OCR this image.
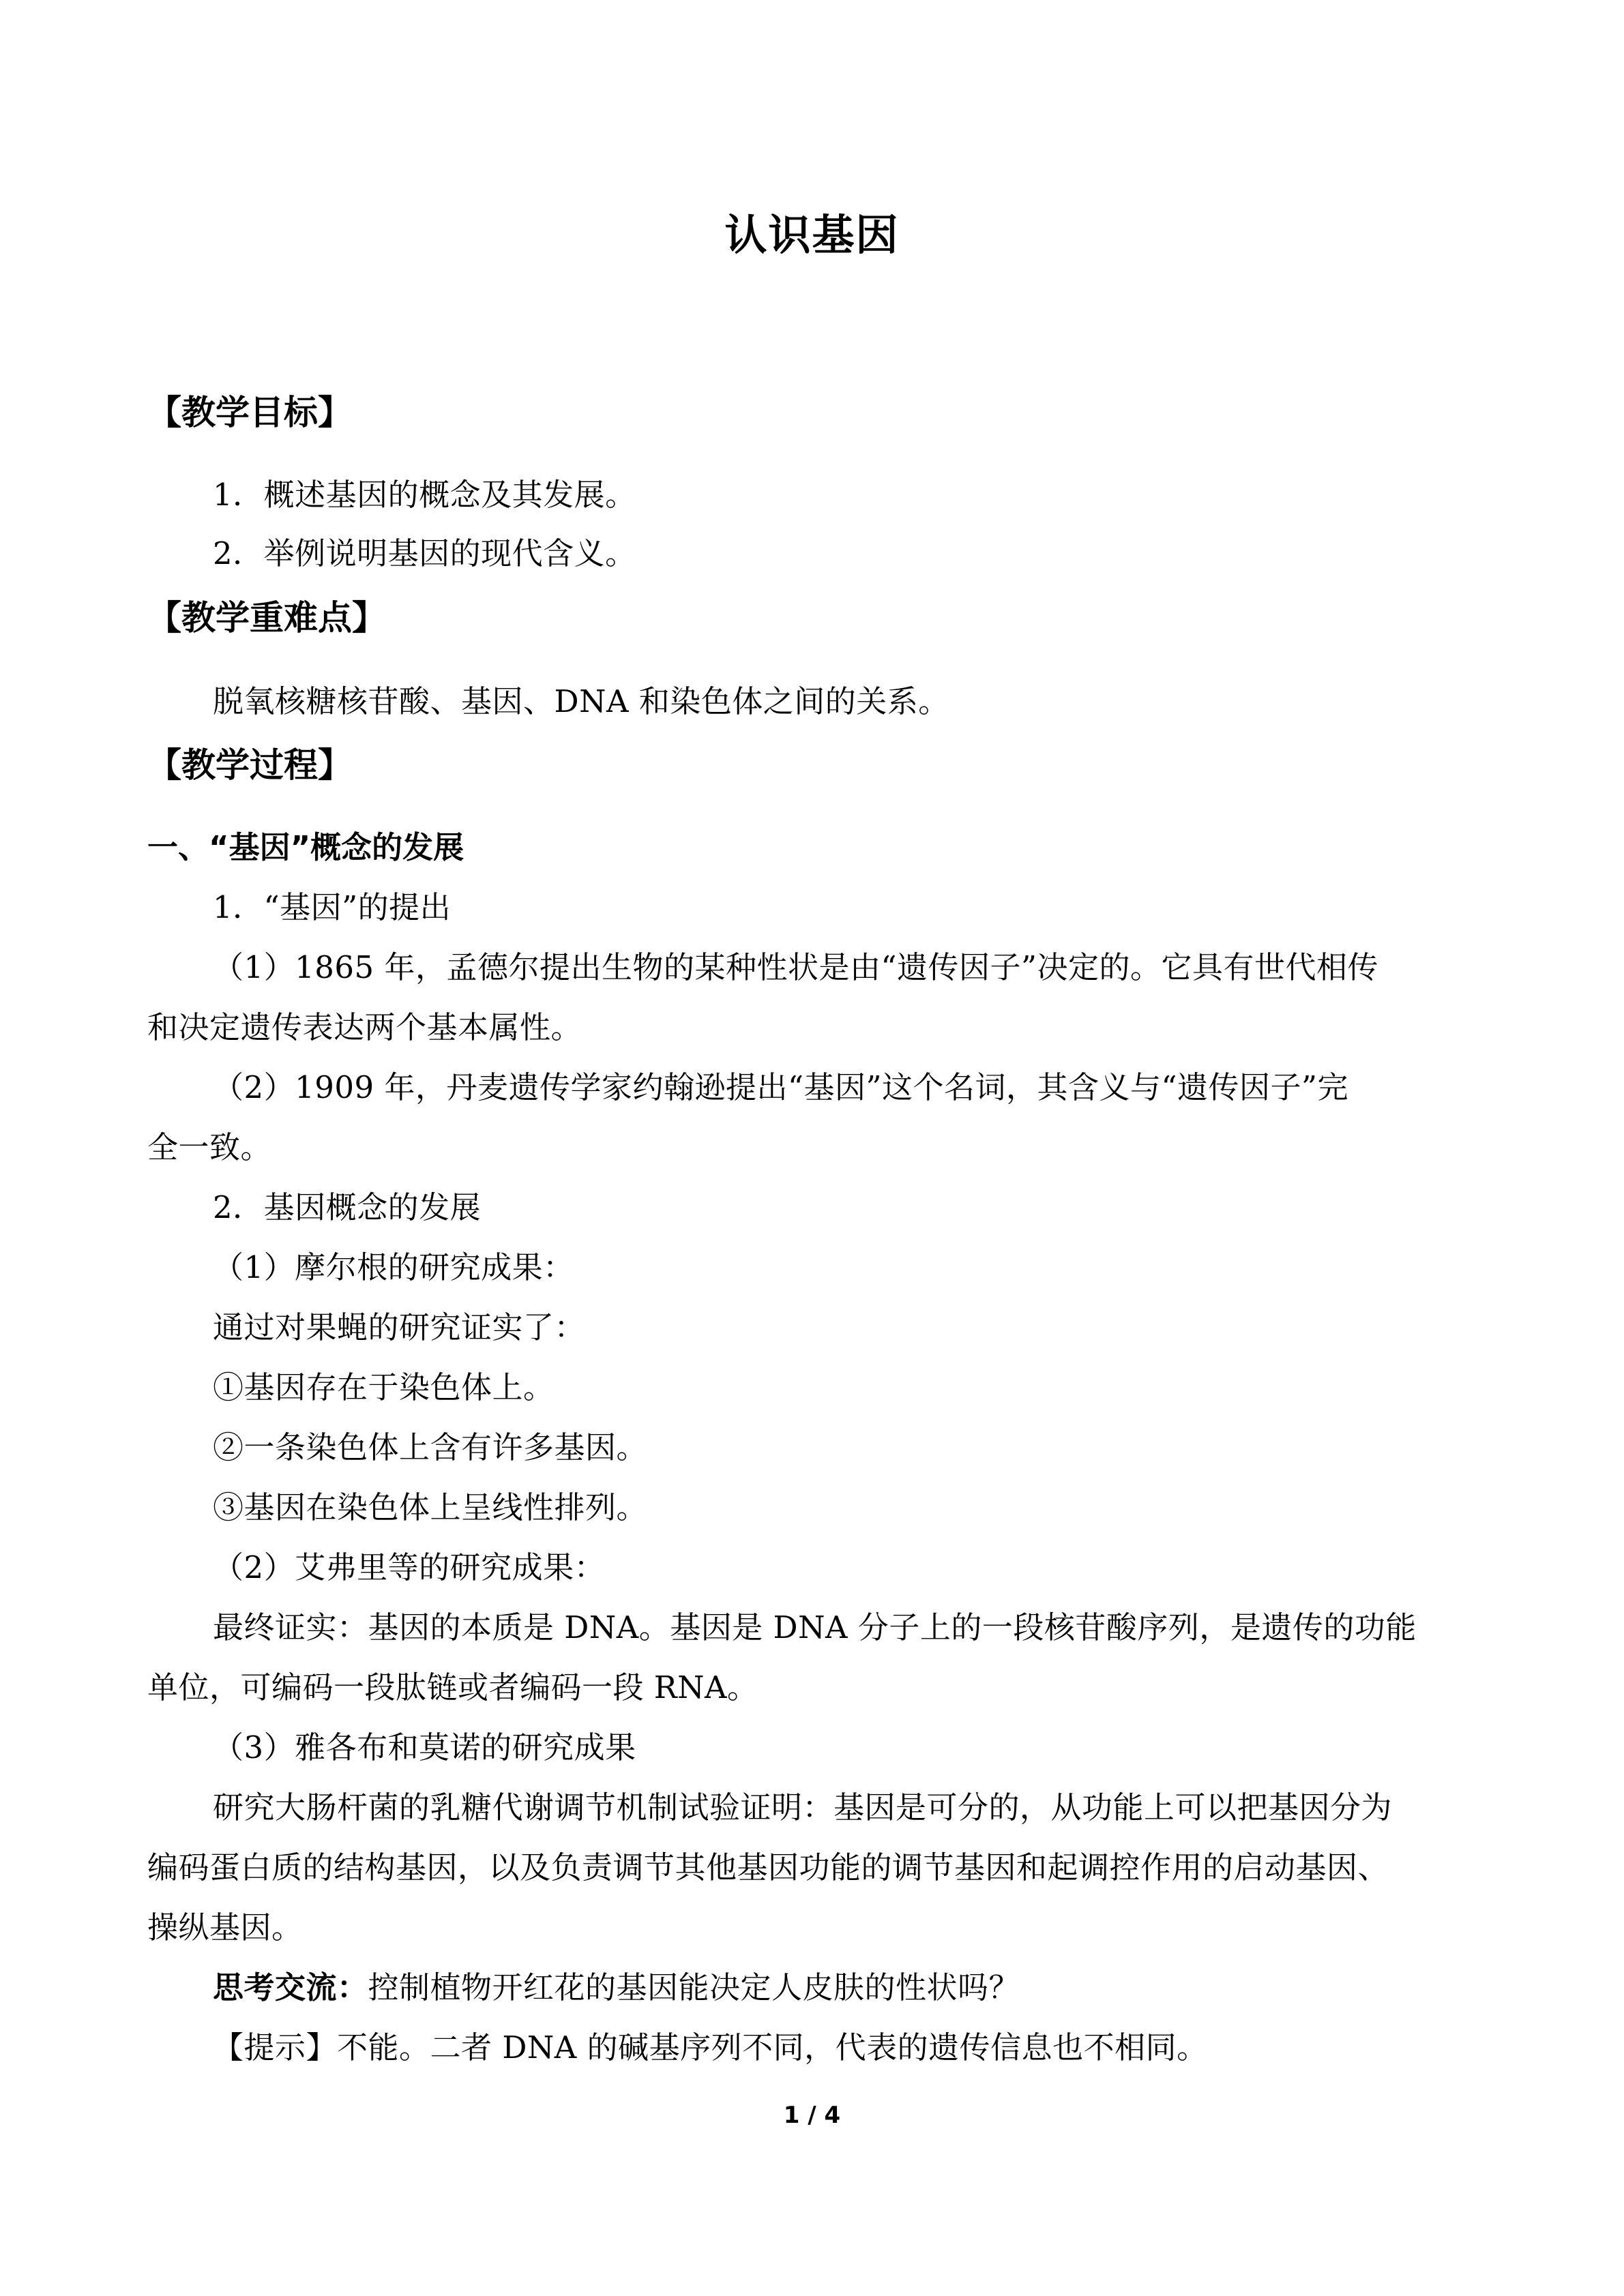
认识基因
【教学目标】
1．概述基因的概念及其发展。
2．举例说明基因的现代含义。
【教学重难点】
脱氧核糖核苷酸、基因、DNA 和染色体之间的关系。
【教学过程】
一、“基因”概念的发展
1．“基因”的提出
（1）1865 年，孟德尔提出生物的某种性状是由“遗传因子”决定的。它具有世代相传
和决定遗传表达两个基本属性。
（2）1909 年，丹麦遗传学家约翰逊提出“基因”这个名词，其含义与“遗传因子”完
全一致。
2．基因概念的发展
（1）摩尔根的研究成果：
通过对果蝇的研究证实了：
①基因存在于染色体上。
②一条染色体上含有许多基因。
③基因在染色体上呈线性排列。
（2）艾弗里等的研究成果：
最终证实：基因的本质是 DNA。基因是 DNA 分子上的一段核苷酸序列，是遗传的功能
单位，可编码一段肽链或者编码一段 RNA。
（3）雅各布和莫诺的研究成果
研究大肠杆菌的乳糖代谢调节机制试验证明：基因是可分的，从功能上可以把基因分为
编码蛋白质的结构基因，以及负责调节其他基因功能的调节基因和起调控作用的启动基因、
操纵基因。
思考交流：控制植物开红花的基因能决定人皮肤的性状吗？
【提示】不能。二者 DNA 的碱基序列不同，代表的遗传信息也不相同。
1 / 4
